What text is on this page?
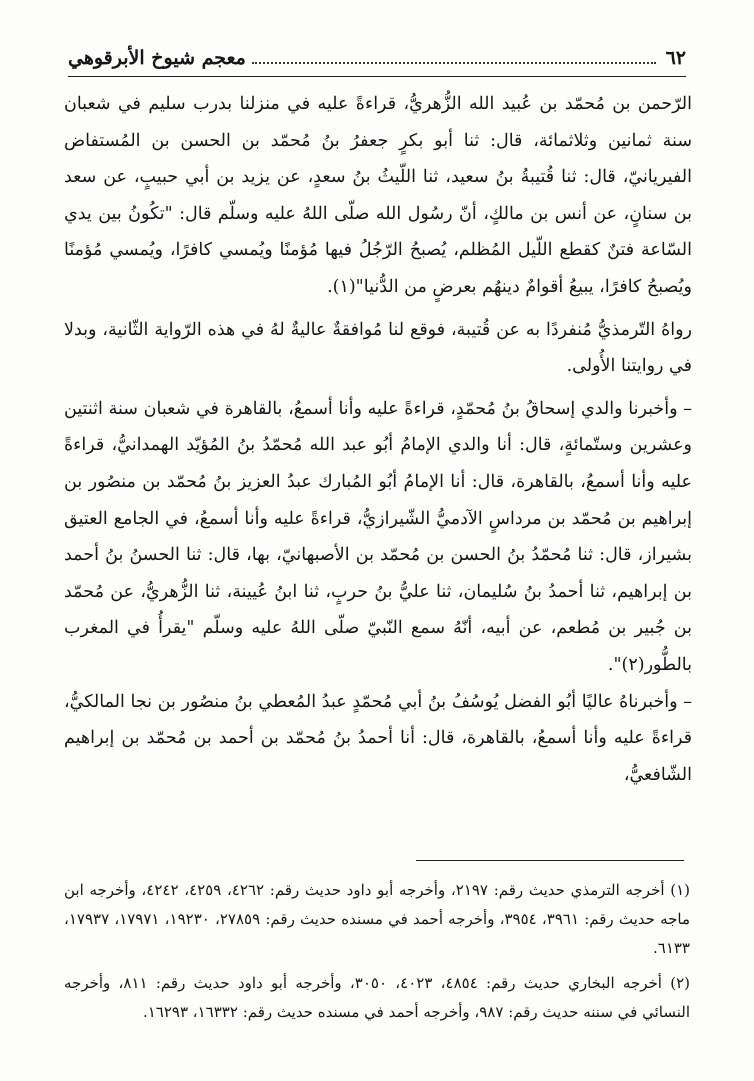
٦٢
معجم شيوخ الأبرقوهي

الرّحمن بن مُحمّد بن عُبيد الله الزُّهريُّ، قراءةً عليه في منزلنا بدرب سليم في شعبان سنة ثمانين وثلاثمائة، قال: ثنا أبو بكرٍ جعفرُ بنُ مُحمّد بن الحسن بن المُستفاض الفيريانيّ، قال: ثنا قُتيبةُ بنُ سعيد، ثنا اللّيثُ بنُ سعدٍ، عن يزيد بن أبي حبيبٍ، عن سعد بن سنانٍ، عن أنس بن مالكٍ، أنّ رسُول الله صلّى اللهُ عليه وسلّم قال: "تكُونُ بين يدي السّاعة فتنٌ كقطع اللّيل المُظلم، يُصبحُ الرّجُلُ فيها مُؤمنًا ويُمسي كافرًا، ويُمسي مُؤمنًا ويُصبحُ كافرًا، يبيعُ أقوامٌ دينهُم بعرضٍ من الدُّنيا"(١).

رواهُ التّرمذيُّ مُنفردًا به عن قُتيبة، فوقع لنا مُوافقةٌ عاليةٌ لهُ في هذه الرّواية الثّانية، وبدلا في روايتنا الأُولى.

– وأخبرنا والدي إسحاقُ بنُ مُحمّدٍ، قراءةً عليه وأنا أسمعُ، بالقاهرة في شعبان سنة اثنتين وعشرين وستّمائةٍ، قال: أنا والدي الإمامُ أبُو عبد الله مُحمّدُ بنُ المُؤيّد الهمدانيُّ، قراءةً عليه وأنا أسمعُ، بالقاهرة، قال: أنا الإمامُ أبُو المُبارك عبدُ العزيز بنُ مُحمّد بن منصُور بن إبراهيم بن مُحمّد بن مرداسٍ الآدميُّ الشّيرازيُّ، قراءةً عليه وأنا أسمعُ، في الجامع العتيق بشيراز، قال: ثنا مُحمّدُ بنُ الحسن بن مُحمّد بن الأصبهانيّ، بها، قال: ثنا الحسنُ بنُ أحمد بن إبراهيم، ثنا أحمدُ بنُ سُليمان، ثنا عليُّ بنُ حربٍ، ثنا ابنُ عُيينة، ثنا الزُّهريُّ، عن مُحمّد بن جُبير بن مُطعم، عن أبيه، أنّهُ سمع النّبيّ صلّى اللهُ عليه وسلّم "يقرأُ في المغرب بالطُّور(٢)".

– وأخبرناهُ عاليًا أبُو الفضل يُوسُفُ بنُ أبي مُحمّدٍ عبدُ المُعطي بنُ منصُور بن نجا المالكيُّ، قراءةً عليه وأنا أسمعُ، بالقاهرة، قال: أنا أحمدُ بنُ مُحمّد بن أحمد بن مُحمّد بن إبراهيم الشّافعيُّ،

(١) أخرجه الترمذي حديث رقم: ٢١٩٧، وأخرجه أبو داود حديث رقم: ٤٢٦٢، ٤٢٥٩، ٤٢٤٢، وأخرجه ابن ماجه حديث رقم: ٣٩٦١، ٣٩٥٤، وأخرجه أحمد في مسنده حديث رقم: ٢٧٨٥٩، ١٩٢٣٠، ١٧٩٧١، ١٧٩٣٧، ٦١٣٣.

(٢) أخرجه البخاري حديث رقم: ٤٨٥٤، ٤٠٢٣، ٣٠٥٠، وأخرجه أبو داود حديث رقم: ٨١١، وأخرجه النسائي في سننه حديث رقم: ٩٨٧، وأخرجه أحمد في مسنده حديث رقم: ١٦٣٣٢، ١٦٢٩٣.
